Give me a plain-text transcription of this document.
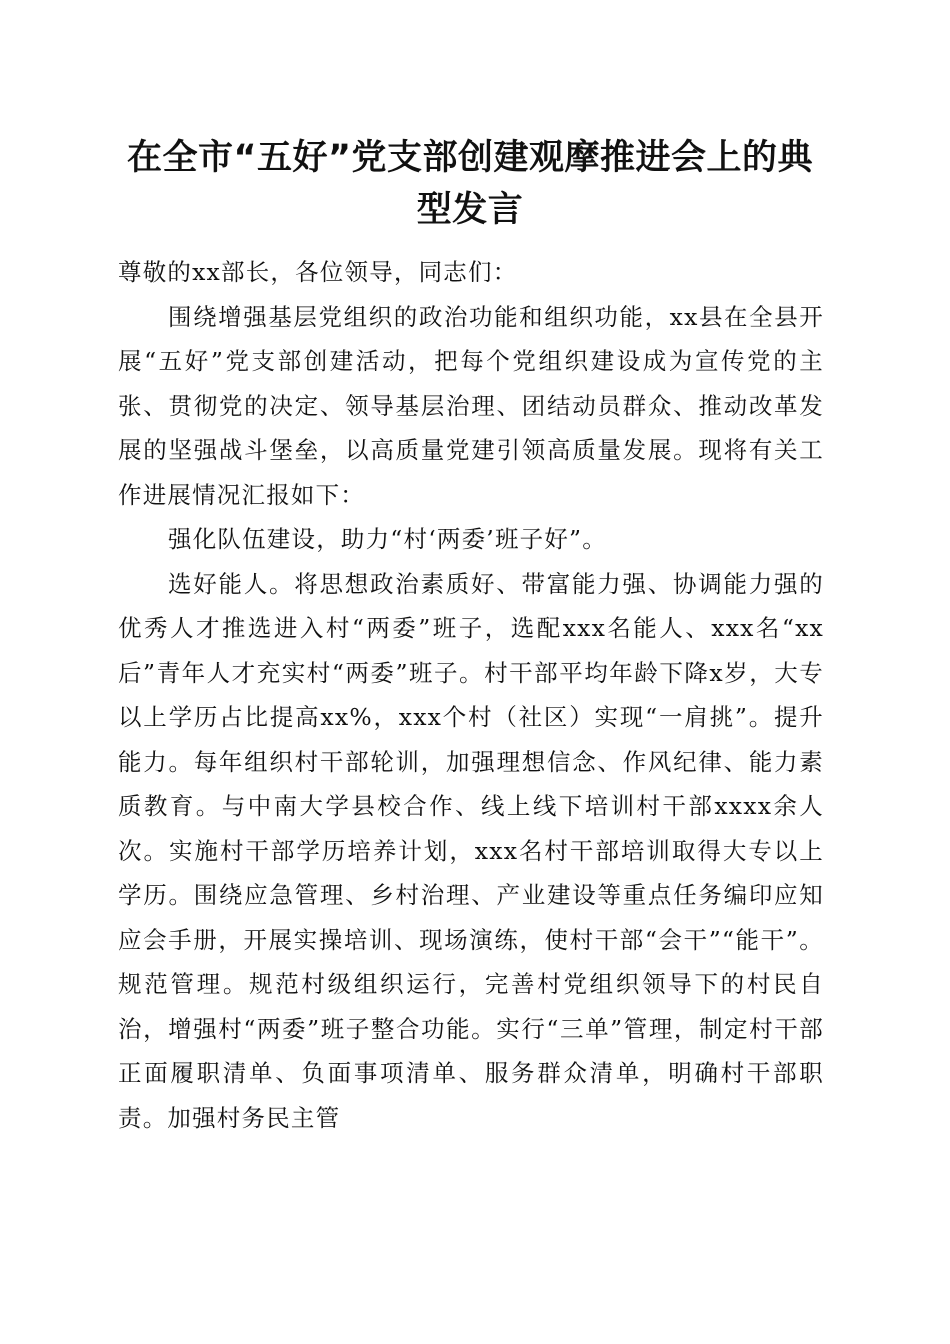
在全市“五好”党支部创建观摩推进会上的典型发言

尊敬的xx部长，各位领导，同志们：

围绕增强基层党组织的政治功能和组织功能，xx县在全县开展“五好”党支部创建活动，把每个党组织建设成为宣传党的主张、贯彻党的决定、领导基层治理、团结动员群众、推动改革发展的坚强战斗堡垒，以高质量党建引领高质量发展。现将有关工作进展情况汇报如下：

强化队伍建设，助力“村‘两委’班子好”。

选好能人。将思想政治素质好、带富能力强、协调能力强的优秀人才推选进入村“两委”班子，选配xxx名能人、xxx名“xx后”青年人才充实村“两委”班子。村干部平均年龄下降x岁，大专以上学历占比提高xx%，xxx个村（社区）实现“一肩挑”。提升能力。每年组织村干部轮训，加强理想信念、作风纪律、能力素质教育。与中南大学县校合作、线上线下培训村干部xxxx余人次。实施村干部学历培养计划，xxx名村干部培训取得大专以上学历。围绕应急管理、乡村治理、产业建设等重点任务编印应知应会手册，开展实操培训、现场演练，使村干部“会干”“能干”。规范管理。规范村级组织运行，完善村党组织领导下的村民自治，增强村“两委”班子整合功能。实行“三单”管理，制定村干部正面履职清单、负面事项清单、服务群众清单，明确村干部职责。加强村务民主管
